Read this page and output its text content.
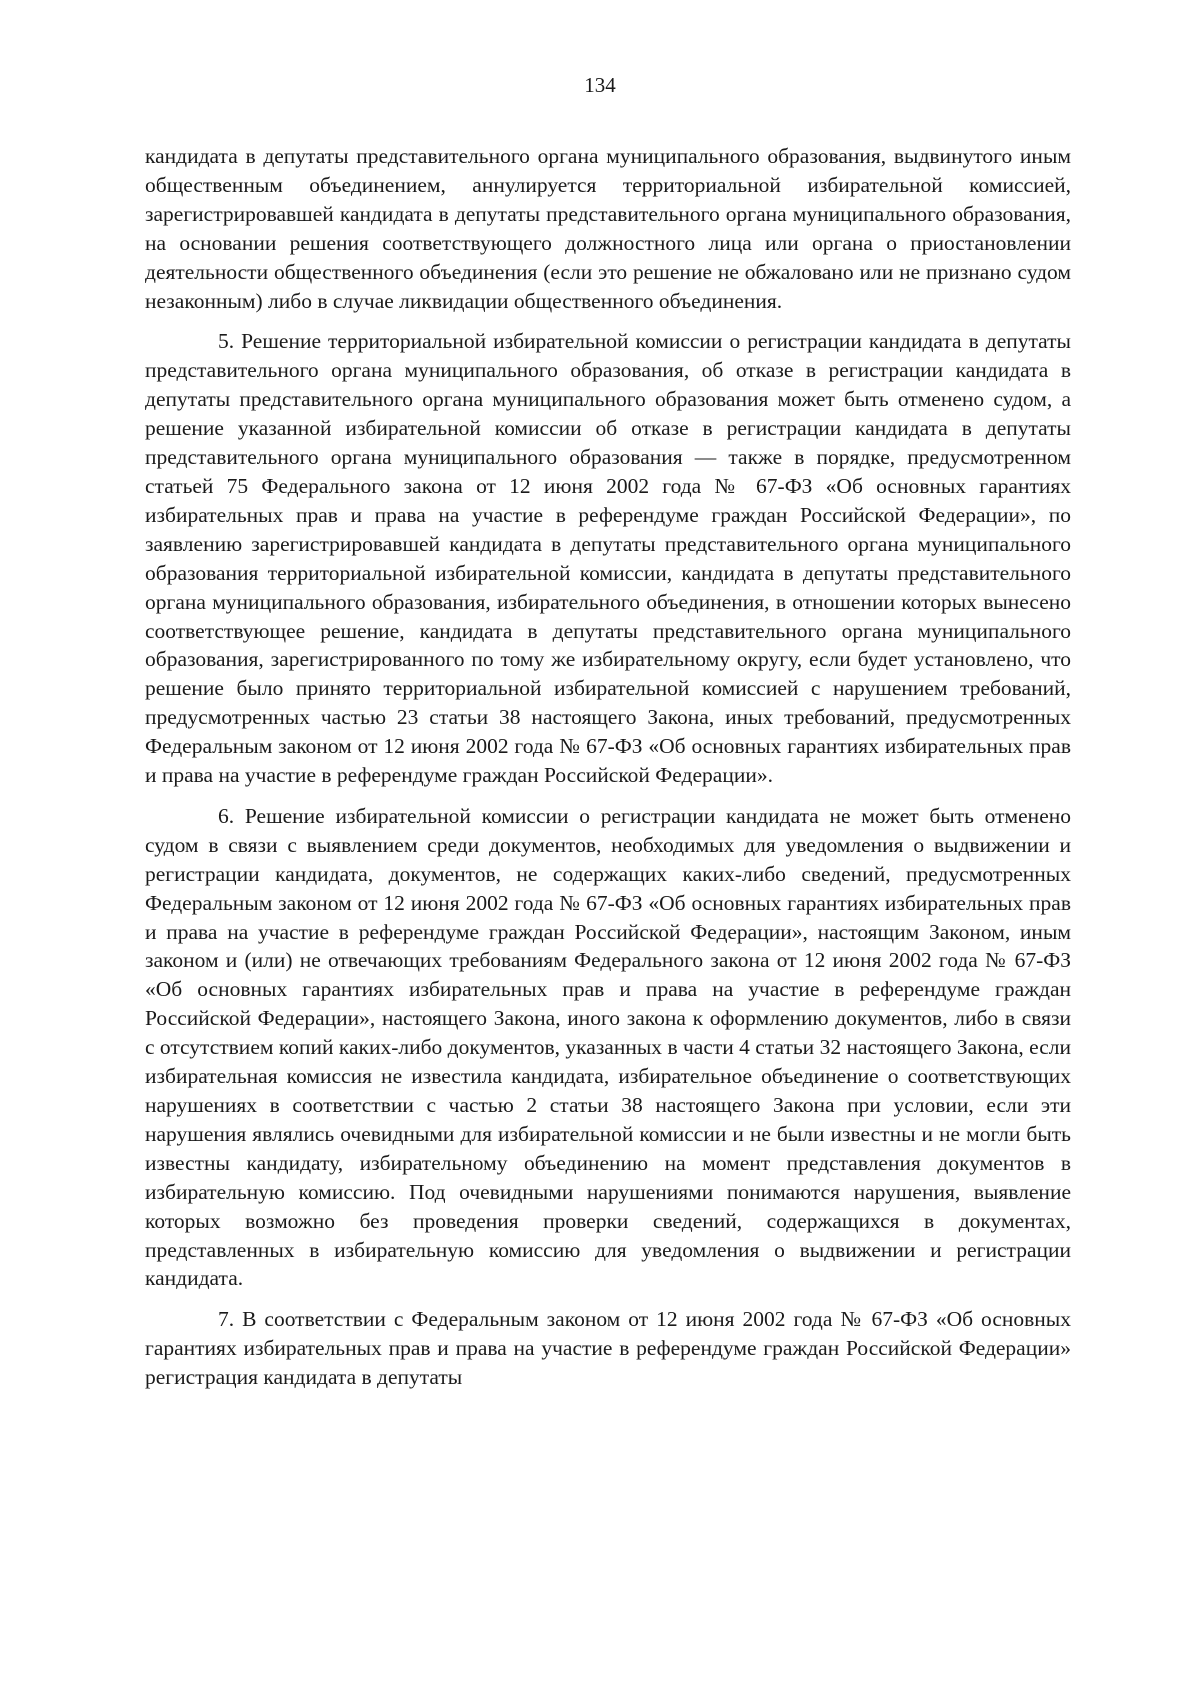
134

кандидата в депутаты представительного органа муниципального образования, выдвинутого иным общественным объединением, аннулируется территориальной избирательной комиссией, зарегистрировавшей кандидата в депутаты представительного органа муниципального образования, на основании решения соответствующего должностного лица или органа о приостановлении деятельности общественного объединения (если это решение не обжаловано или не признано судом незаконным) либо в случае ликвидации общественного объединения.

5. Решение территориальной избирательной комиссии о регистрации кандидата в депутаты представительного органа муниципального образования, об отказе в регистрации кандидата в депутаты представительного органа муниципального образования может быть отменено судом, а решение указанной избирательной комиссии об отказе в регистрации кандидата в депутаты представительного органа муниципального образования — также в порядке, предусмотренном статьей 75 Федерального закона от 12 июня 2002 года № 67-ФЗ «Об основных гарантиях избирательных прав и права на участие в референдуме граждан Российской Федерации», по заявлению зарегистрировавшей кандидата в депутаты представительного органа муниципального образования территориальной избирательной комиссии, кандидата в депутаты представительного органа муниципального образования, избирательного объединения, в отношении которых вынесено соответствующее решение, кандидата в депутаты представительного органа муниципального образования, зарегистрированного по тому же избирательному округу, если будет установлено, что решение было принято территориальной избирательной комиссией с нарушением требований, предусмотренных частью 23 статьи 38 настоящего Закона, иных требований, предусмотренных Федеральным законом от 12 июня 2002 года № 67-ФЗ «Об основных гарантиях избирательных прав и права на участие в референдуме граждан Российской Федерации».

6. Решение избирательной комиссии о регистрации кандидата не может быть отменено судом в связи с выявлением среди документов, необходимых для уведомления о выдвижении и регистрации кандидата, документов, не содержащих каких-либо сведений, предусмотренных Федеральным законом от 12 июня 2002 года № 67-ФЗ «Об основных гарантиях избирательных прав и права на участие в референдуме граждан Российской Федерации», настоящим Законом, иным законом и (или) не отвечающих требованиям Федерального закона от 12 июня 2002 года № 67-ФЗ «Об основных гарантиях избирательных прав и права на участие в референдуме граждан Российской Федерации», настоящего Закона, иного закона к оформлению документов, либо в связи с отсутствием копий каких-либо документов, указанных в части 4 статьи 32 настоящего Закона, если избирательная комиссия не известила кандидата, избирательное объединение о соответствующих нарушениях в соответствии с частью 2 статьи 38 настоящего Закона при условии, если эти нарушения являлись очевидными для избирательной комиссии и не были известны и не могли быть известны кандидату, избирательному объединению на момент представления документов в избирательную комиссию. Под очевидными нарушениями понимаются нарушения, выявление которых возможно без проведения проверки сведений, содержащихся в документах, представленных в избирательную комиссию для уведомления о выдвижении и регистрации кандидата.

7. В соответствии с Федеральным законом от 12 июня 2002 года № 67-ФЗ «Об основных гарантиях избирательных прав и права на участие в референдуме граждан Российской Федерации» регистрация кандидата в депутаты
